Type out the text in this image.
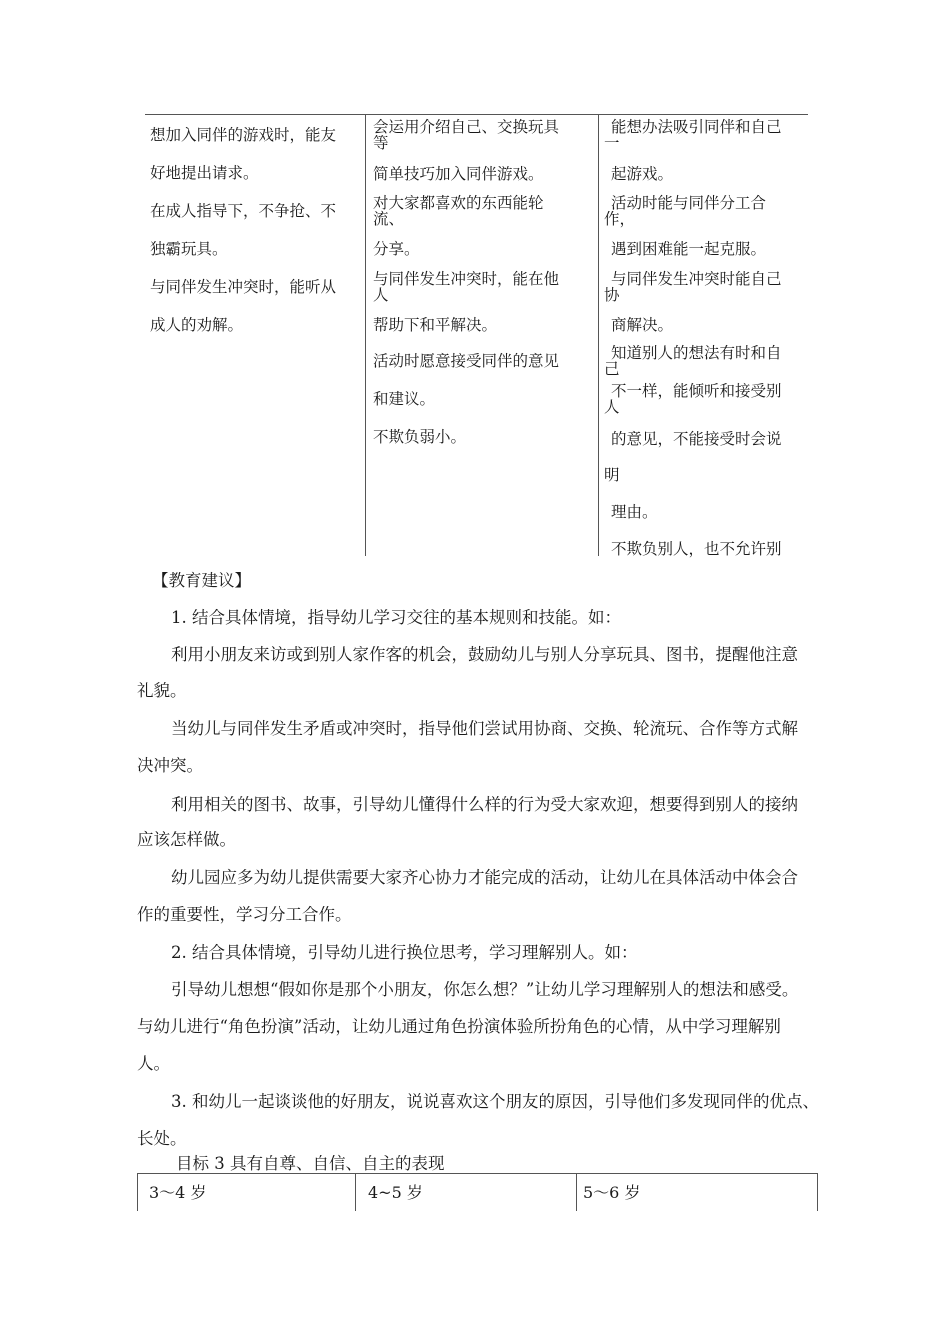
想加入同伴的游戏时，能友
好地提出请求。
在成人指导下，不争抢、不
独霸玩具。
与同伴发生冲突时，能听从
成人的劝解。
会运用介绍自己、交换玩具
等
简单技巧加入同伴游戏。
对大家都喜欢的东西能轮
流、
分享。
与同伴发生冲突时，能在他
人
帮助下和平解决。
活动时愿意接受同伴的意见
和建议。
不欺负弱小。
能想办法吸引同伴和自己
一
起游戏。
活动时能与同伴分工合
作，
遇到困难能一起克服。
与同伴发生冲突时能自己
协
商解决。
知道别人的想法有时和自
己
不一样，能倾听和接受别
人
的意见，不能接受时会说
明
理由。
不欺负别人，也不允许别
【教育建议】
1. 结合具体情境，指导幼儿学习交往的基本规则和技能。如：
利用小朋友来访或到别人家作客的机会，鼓励幼儿与别人分享玩具、图书，提醒他注意
礼貌。
当幼儿与同伴发生矛盾或冲突时，指导他们尝试用协商、交换、轮流玩、合作等方式解
决冲突。
利用相关的图书、故事，引导幼儿懂得什么样的行为受大家欢迎，想要得到别人的接纳
应该怎样做。
幼儿园应多为幼儿提供需要大家齐心协力才能完成的活动，让幼儿在具体活动中体会合
作的重要性，学习分工合作。
2. 结合具体情境，引导幼儿进行换位思考，学习理解别人。如：
引导幼儿想想“假如你是那个小朋友，你怎么想？”让幼儿学习理解别人的想法和感受。
与幼儿进行“角色扮演”活动，让幼儿通过角色扮演体验所扮角色的心情，从中学习理解别
人。
3. 和幼儿一起谈谈他的好朋友，说说喜欢这个朋友的原因，引导他们多发现同伴的优点、
长处。
目标 3 具有自尊、自信、自主的表现
3～4 岁	4~5 岁	5～6 岁
